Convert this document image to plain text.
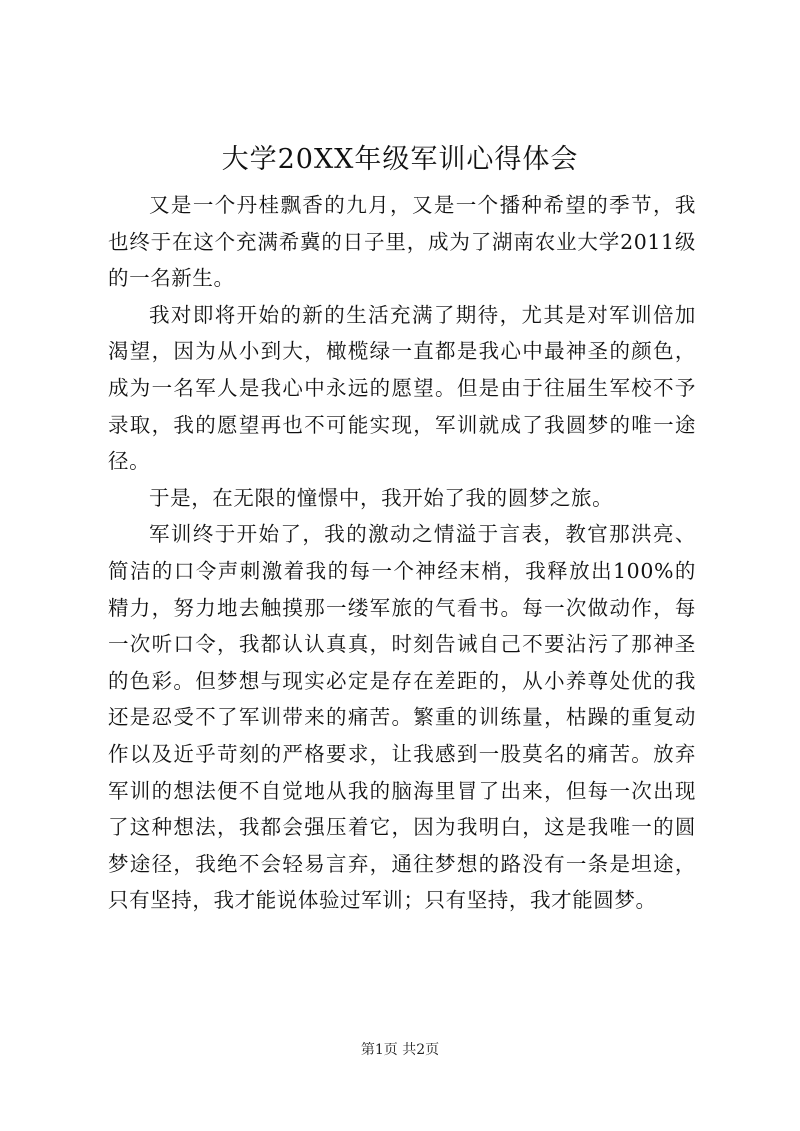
大学20XX年级军训心得体会

又是一个丹桂飘香的九月，又是一个播种希望的季节，我也终于在这个充满希冀的日子里，成为了湖南农业大学2011级的一名新生。

我对即将开始的新的生活充满了期待，尤其是对军训倍加渴望，因为从小到大，橄榄绿一直都是我心中最神圣的颜色，成为一名军人是我心中永远的愿望。但是由于往届生军校不予录取，我的愿望再也不可能实现，军训就成了我圆梦的唯一途径。

于是，在无限的憧憬中，我开始了我的圆梦之旅。

军训终于开始了，我的激动之情溢于言表，教官那洪亮、简洁的口令声刺激着我的每一个神经末梢，我释放出100%的精力，努力地去触摸那一缕军旅的气看书。每一次做动作，每一次听口令，我都认认真真，时刻告诫自己不要沾污了那神圣的色彩。但梦想与现实必定是存在差距的，从小养尊处优的我还是忍受不了军训带来的痛苦。繁重的训练量，枯躁的重复动作以及近乎苛刻的严格要求，让我感到一股莫名的痛苦。放弃军训的想法便不自觉地从我的脑海里冒了出来，但每一次出现了这种想法，我都会强压着它，因为我明白，这是我唯一的圆梦途径，我绝不会轻易言弃，通往梦想的路没有一条是坦途，只有坚持，我才能说体验过军训；只有坚持，我才能圆梦。

第1页 共2页
